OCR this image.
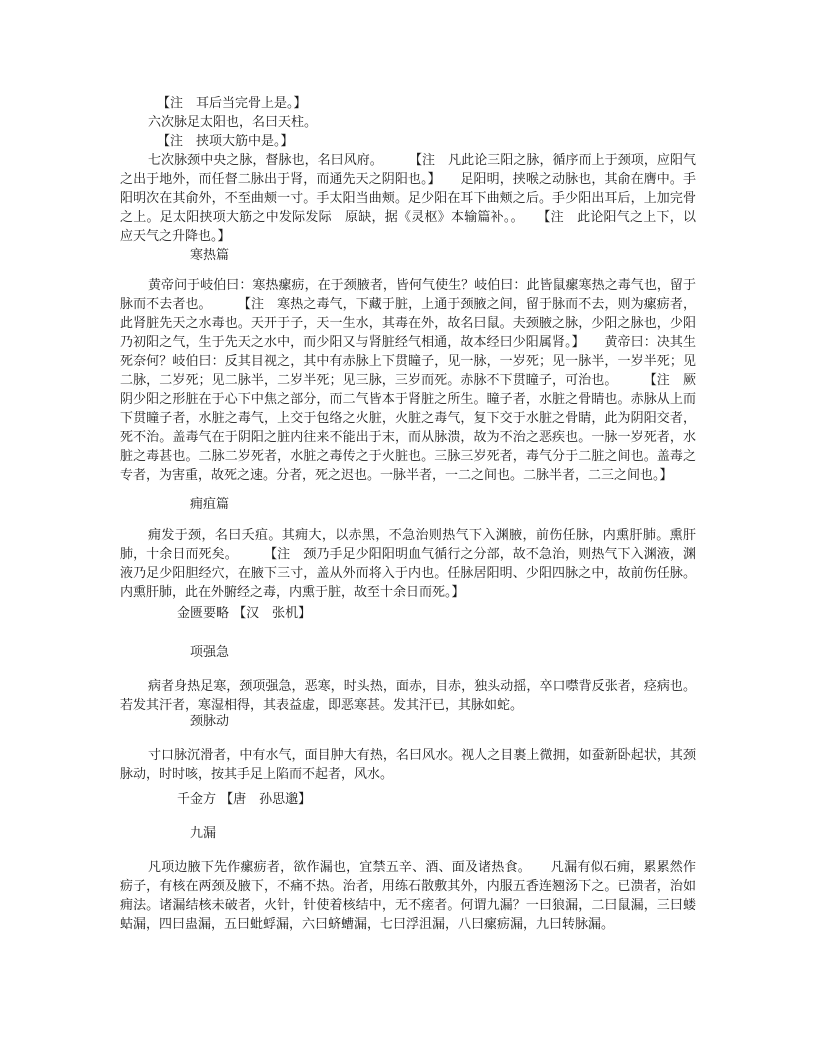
【注　耳后当完骨上是。】

六次脉足太阳也，名曰天柱。

【注　挟项大筋中是。】

七次脉颈中央之脉，督脉也，名曰风府。　　　【注　凡此论三阳之脉，循序而上于颈项，应阳气之出于地外，而任督二脉出于肾，而通先天之阴阳也。】　　足阳明，挟喉之动脉也，其俞在膺中。手阳明次在其俞外，不至曲颊一寸。手太阳当曲颊。足少阳在耳下曲颊之后。手少阳出耳后，上加完骨之上。足太阳挟项大筋之中发际发际　原缺，据《灵枢》本输篇补。。　　【注　此论阳气之上下，以应天气之升降也。】

寒热篇

黄帝问于岐伯曰：寒热瘰疬，在于颈腋者，皆何气使生？岐伯曰：此皆鼠瘰寒热之毒气也，留于脉而不去者也。　　　【注　寒热之毒气，下藏于脏，上通于颈腋之间，留于脉而不去，则为瘰疬者，此肾脏先天之水毒也。天开于子，天一生水，其毒在外，故名曰鼠。夫颈腋之脉，少阳之脉也，少阳乃初阳之气，生于先天之水中，而少阳又与肾脏经气相通，故本经曰少阳属肾。】　　黄帝曰：决其生死奈何？岐伯曰：反其目视之，其中有赤脉上下贯瞳子，见一脉，一岁死；见一脉半，一岁半死；见二脉，二岁死；见二脉半，二岁半死；见三脉，三岁而死。赤脉不下贯瞳子，可治也。　　　【注　厥阴少阳之形脏在于心下中焦之部分，而二气皆本于肾脏之所生。瞳子者，水脏之骨睛也。赤脉从上而下贯瞳子者，水脏之毒气，上交于包络之火脏，火脏之毒气，复下交于水脏之骨睛，此为阴阳交者，死不治。盖毒气在于阴阳之脏内往来不能出于末，而从脉溃，故为不治之恶疾也。一脉一岁死者，水脏之毒甚也。二脉二岁死者，水脏之毒传之于火脏也。三脉三岁死者，毒气分于二脏之间也。盖毒之专者，为害重，故死之速。分者，死之迟也。一脉半者，一二之间也。二脉半者，二三之间也。】

痈疽篇

痈发于颈，名曰夭疽。其痈大，以赤黑，不急治则热气下入渊腋，前伤任脉，内熏肝肺。熏肝肺，十余日而死矣。　　　【注　颈乃手足少阳阳明血气循行之分部，故不急治，则热气下入渊液，渊液乃足少阳胆经穴，在腋下三寸，盖从外而将入于内也。任脉居阳明、少阳四脉之中，故前伤任脉。内熏肝肺，此在外腑经之毒，内熏于脏，故至十余日而死。】

金匮要略 【汉　张机】

项强急

病者身热足寒，颈项强急，恶寒，时头热，面赤，目赤，独头动摇，卒口噤背反张者，痉病也。若发其汗者，寒湿相得，其表益虚，即恶寒甚。发其汗已，其脉如蛇。

颈脉动

寸口脉沉滑者，中有水气，面目肿大有热，名曰风水。视人之目裹上微拥，如蚕新卧起状，其颈脉动，时时咳，按其手足上陷而不起者，风水。

千金方 【唐　孙思邈】

九漏

凡项边腋下先作瘰疬者，欲作漏也，宜禁五辛、酒、面及诸热食。　　凡漏有似石痈，累累然作疬子，有核在两颈及腋下，不痛不热。治者，用练石散敷其外，内服五香连翘汤下之。已溃者，治如痈法。诸漏结核未破者，火针，针使着核结中，无不瘥者。何谓九漏？一曰狼漏，二曰鼠漏，三曰蝼蛄漏，四曰蛊漏，五曰蚍蜉漏，六曰蛴螬漏，七曰浮沮漏，八曰瘰疬漏，九曰转脉漏。
